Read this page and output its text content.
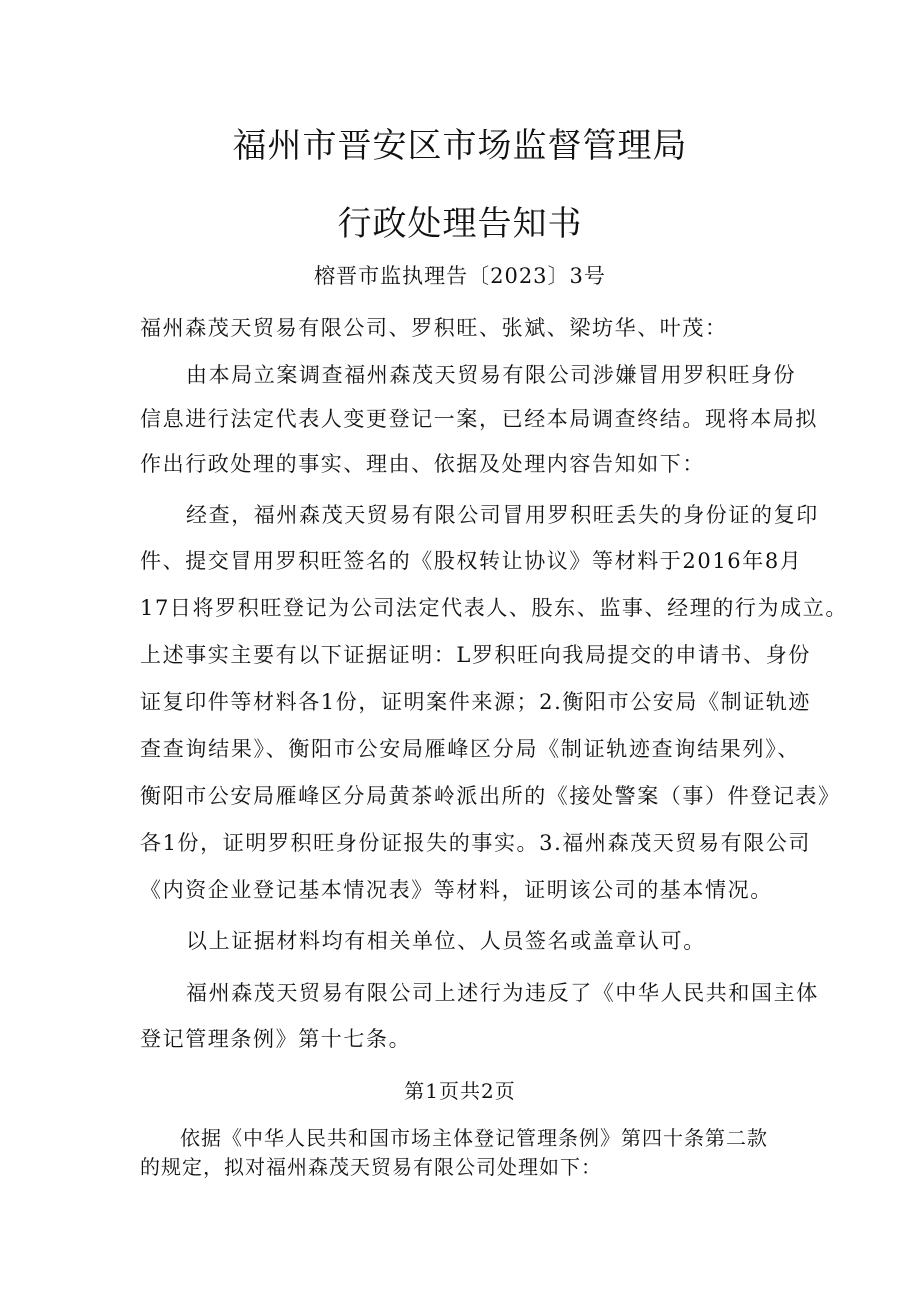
福州市晋安区市场监督管理局
行政处理告知书
榕晋市监执理告〔2023〕3号
福州森茂天贸易有限公司、罗积旺、张斌、梁坊华、叶茂：
由本局立案调查福州森茂天贸易有限公司涉嫌冒用罗积旺身份
信息进行法定代表人变更登记一案，已经本局调查终结。现将本局拟
作出行政处理的事实、理由、依据及处理内容告知如下：
经查，福州森茂天贸易有限公司冒用罗积旺丢失的身份证的复印
件、提交冒用罗积旺签名的《股权转让协议》等材料于2016年8月
17日将罗积旺登记为公司法定代表人、股东、监事、经理的行为成立。
上述事实主要有以下证据证明：L罗积旺向我局提交的申请书、身份
证复印件等材料各1份，证明案件来源；2.衡阳市公安局《制证轨迹
查查询结果》、衡阳市公安局雁峰区分局《制证轨迹查询结果列》、
衡阳市公安局雁峰区分局黄茶岭派出所的《接处警案（事）件登记表》
各1份，证明罗积旺身份证报失的事实。3.福州森茂天贸易有限公司
《内资企业登记基本情况表》等材料，证明该公司的基本情况。
以上证据材料均有相关单位、人员签名或盖章认可。
福州森茂天贸易有限公司上述行为违反了《中华人民共和国主体
登记管理条例》第十七条。
第1页共2页
依据《中华人民共和国市场主体登记管理条例》第四十条第二款
的规定，拟对福州森茂天贸易有限公司处理如下：
